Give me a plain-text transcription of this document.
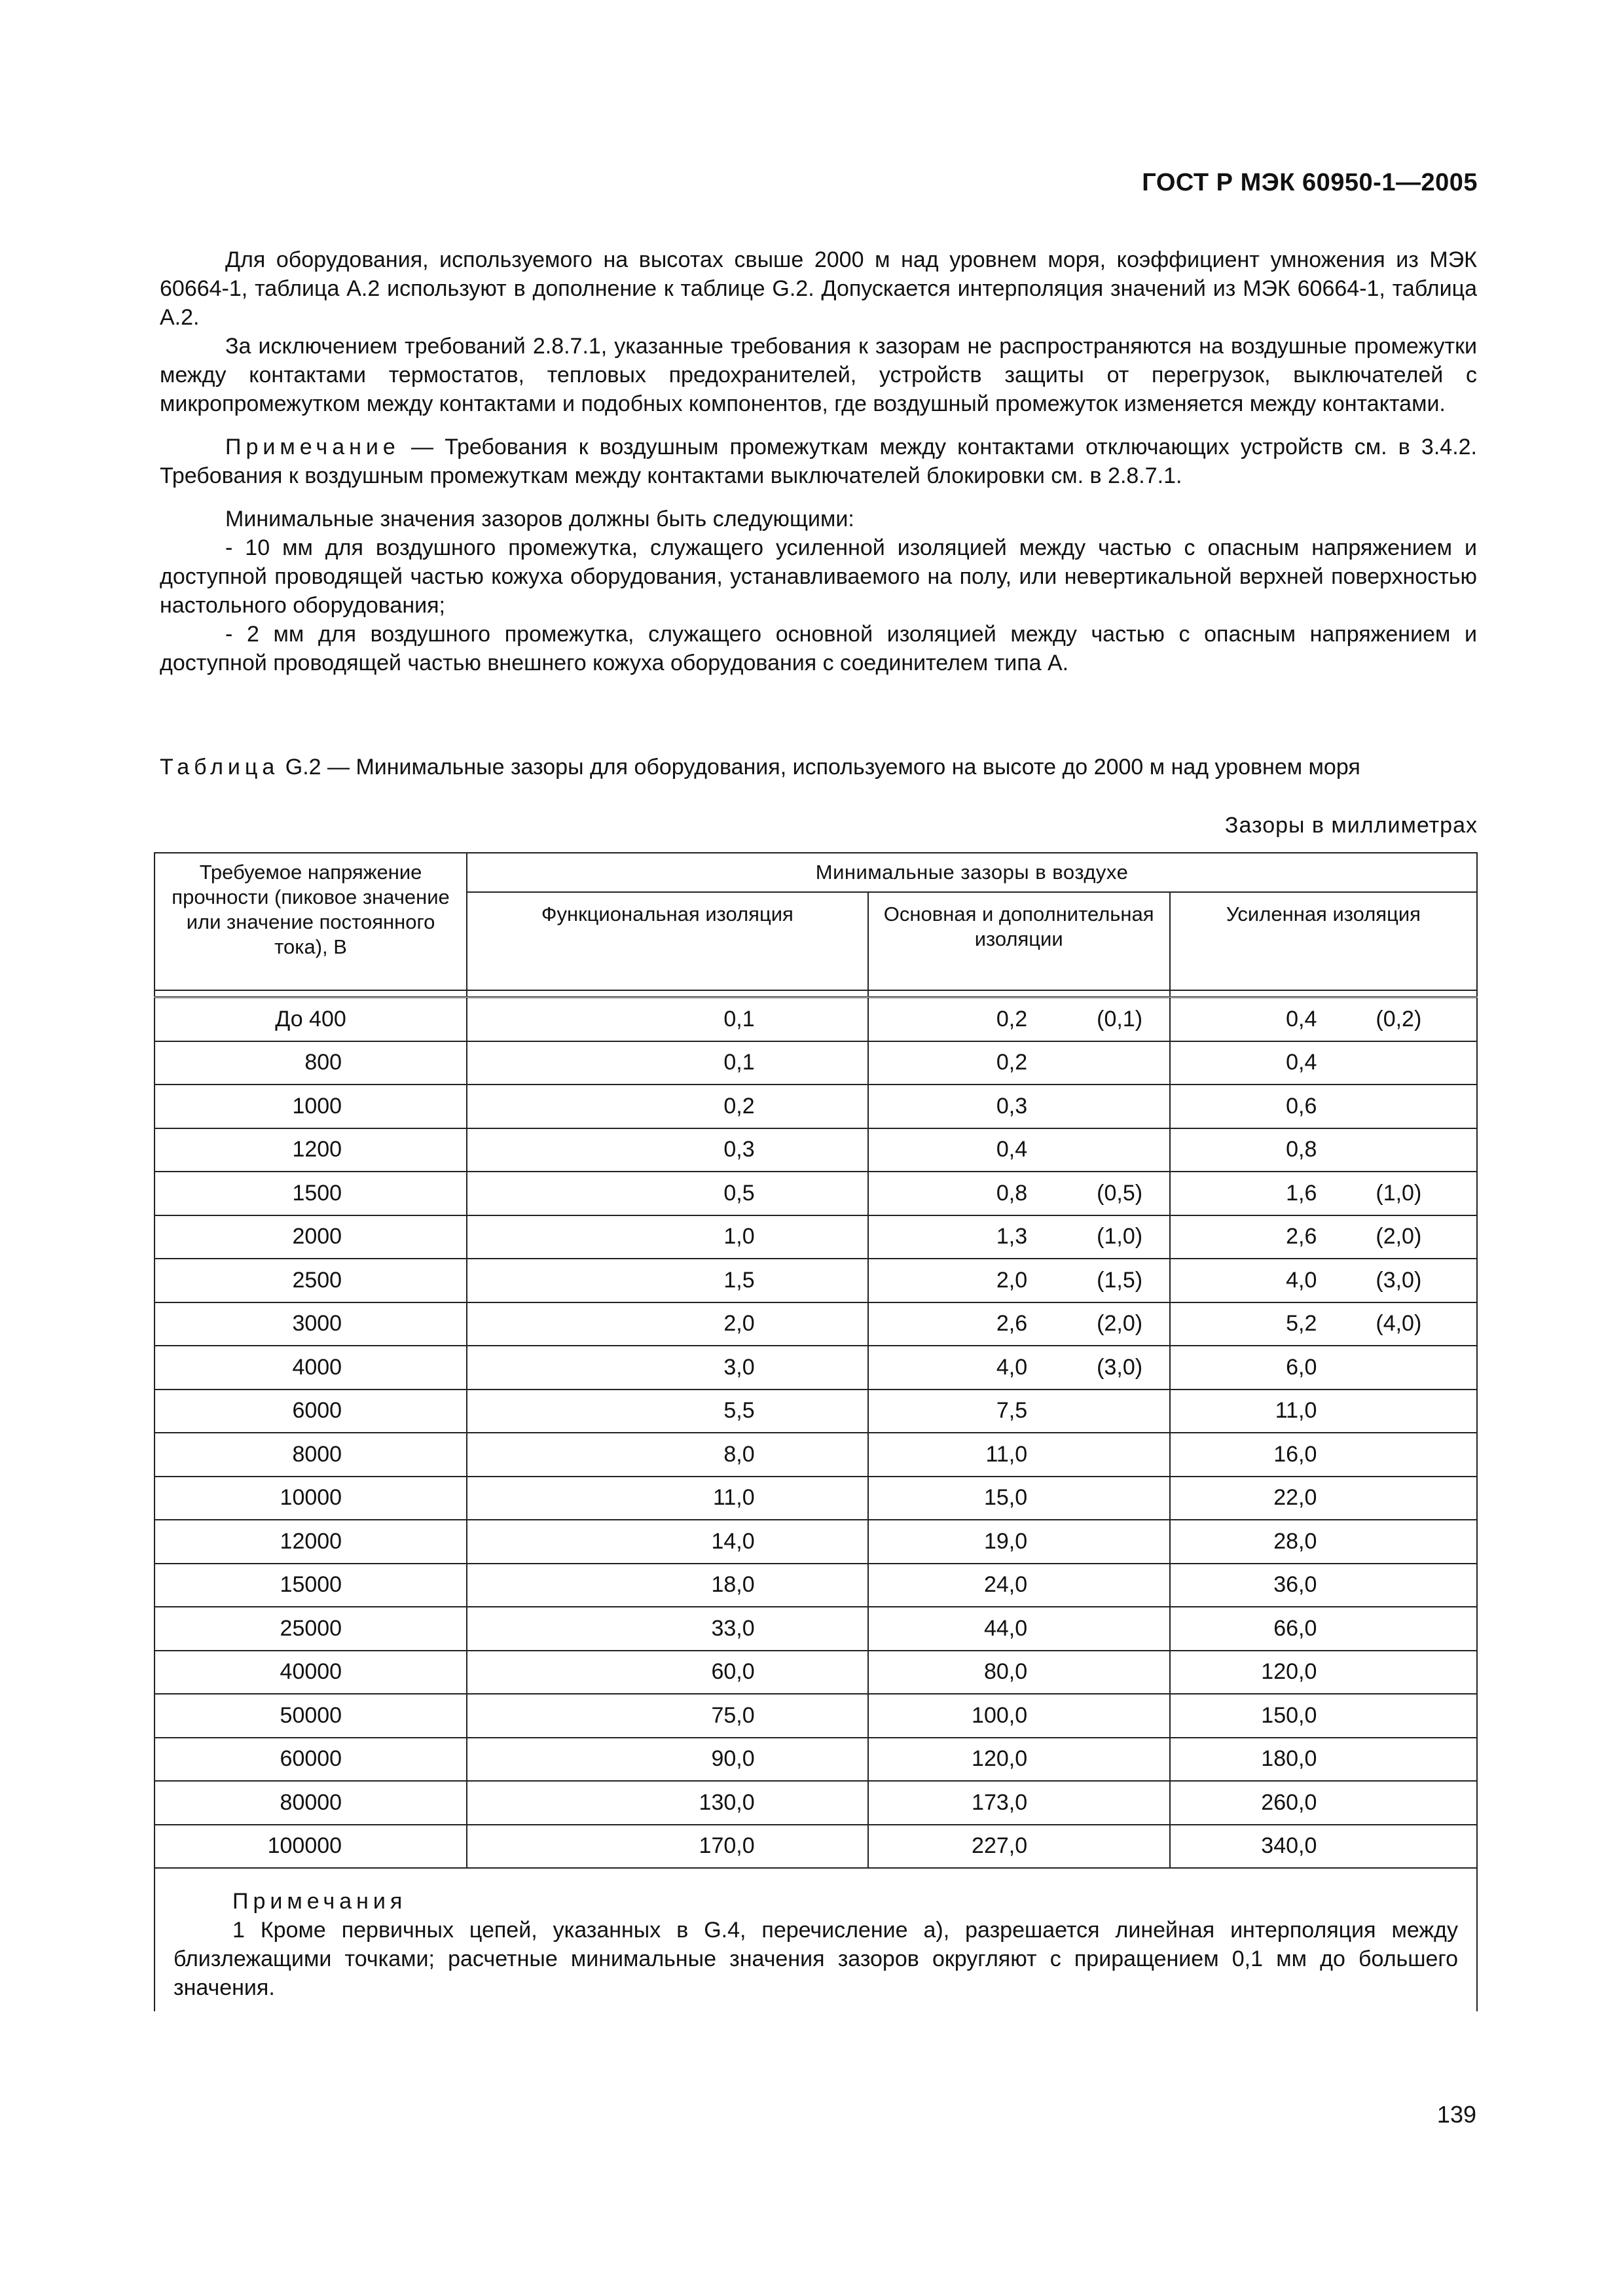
ГОСТ Р МЭК 60950-1—2005

Для оборудования, используемого на высотах свыше 2000 м над уровнем моря, коэффициент умножения из МЭК 60664-1, таблица А.2 используют в дополнение к таблице G.2. Допускается интерполяция значений из МЭК 60664-1, таблица А.2.

За исключением требований 2.8.7.1, указанные требования к зазорам не распространяются на воздушные промежутки между контактами термостатов, тепловых предохранителей, устройств защиты от перегрузок, выключателей с микропромежутком между контактами и подобных компонентов, где воздушный промежуток изменяется между контактами.

Примечание — Требования к воздушным промежуткам между контактами отключающих устройств см. в 3.4.2. Требования к воздушным промежуткам между контактами выключателей блокировки см. в 2.8.7.1.

Минимальные значения зазоров должны быть следующими:

- 10 мм для воздушного промежутка, служащего усиленной изоляцией между частью с опасным напряжением и доступной проводящей частью кожуха оборудования, устанавливаемого на полу, или невертикальной верхней поверхностью настольного оборудования;

- 2 мм для воздушного промежутка, служащего основной изоляцией между частью с опасным напряжением и доступной проводящей частью внешнего кожуха оборудования с соединителем типа А.

Таблица G.2 — Минимальные зазоры для оборудования, используемого на высоте до 2000 м над уровнем моря
Зазоры в миллиметрах
Требуемое напряжение прочности (пиковое значение или значение постоянного тока), В	Минимальные зазоры в воздухе		
	Функциональная изоляция	Основная и дополнительная изоляции	Усиленная изоляция

До 400	0,1	0,2 (0,1)	0,4 (0,2)

800	0,1	0,2	0,4

1000	0,2	0,3	0,6

1200	0,3	0,4	0,8

1500	0,5	0,8 (0,5)	1,6 (1,0)

2000	1,0	1,3 (1,0)	2,6 (2,0)

2500	1,5	2,0 (1,5)	4,0 (3,0)

3000	2,0	2,6 (2,0)	5,2 (4,0)

4000	3,0	4,0 (3,0)	6,0

6000	5,5	7,5	11,0

8000	8,0	11,0	16,0

10000	11,0	15,0	22,0

12000	14,0	19,0	28,0

15000	18,0	24,0	36,0

25000	33,0	44,0	66,0

40000	60,0	80,0	120,0

50000	75,0	100,0	150,0

60000	90,0	120,0	180,0

80000	130,0	173,0	260,0

100000	170,0	227,0	340,0

Примечания
1 Кроме первичных цепей, указанных в G.4, перечисление а), разрешается линейная интерполяция между близлежащими точками; расчетные минимальные значения зазоров округляют с приращением 0,1 мм до большего значения.			
139
